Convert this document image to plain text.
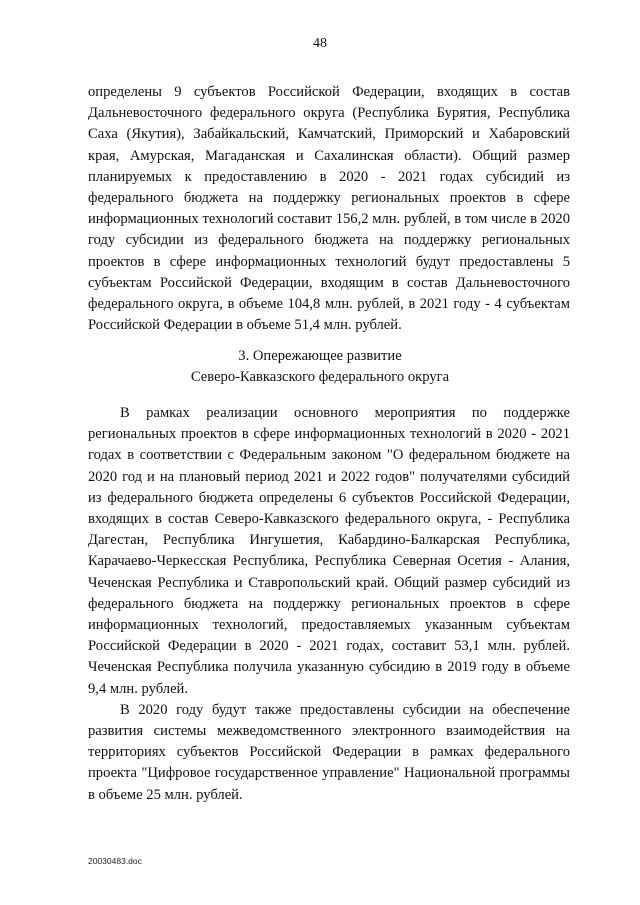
48

определены 9 субъектов Российской Федерации, входящих в состав Дальневосточного федерального округа (Республика Бурятия, Республика Саха (Якутия), Забайкальский, Камчатский, Приморский и Хабаровский края, Амурская, Магаданская и Сахалинская области). Общий размер планируемых к предоставлению в 2020 - 2021 годах субсидий из федерального бюджета на поддержку региональных проектов в сфере информационных технологий составит 156,2 млн. рублей, в том числе в 2020 году субсидии из федерального бюджета на поддержку региональных проектов в сфере информационных технологий будут предоставлены 5 субъектам Российской Федерации, входящим в состав Дальневосточного федерального округа, в объеме 104,8 млн. рублей, в 2021 году - 4 субъектам Российской Федерации в объеме 51,4 млн. рублей.

3. Опережающее развитие
Северо-Кавказского федерального округа

В рамках реализации основного мероприятия по поддержке региональных проектов в сфере информационных технологий в 2020 - 2021 годах в соответствии с Федеральным законом "О федеральном бюджете на 2020 год и на плановый период 2021 и 2022 годов" получателями субсидий из федерального бюджета определены 6 субъектов Российской Федерации, входящих в состав Северо-Кавказского федерального округа, - Республика Дагестан, Республика Ингушетия, Кабардино-Балкарская Республика, Карачаево-Черкесская Республика, Республика Северная Осетия - Алания, Чеченская Республика и Ставропольский край. Общий размер субсидий из федерального бюджета на поддержку региональных проектов в сфере информационных технологий, предоставляемых указанным субъектам Российской Федерации в 2020 - 2021 годах, составит 53,1 млн. рублей. Чеченская Республика получила указанную субсидию в 2019 году в объеме 9,4 млн. рублей.

В 2020 году будут также предоставлены субсидии на обеспечение развития системы межведомственного электронного взаимодействия на территориях субъектов Российской Федерации в рамках федерального проекта "Цифровое государственное управление" Национальной программы в объеме 25 млн. рублей.

20030483.doc
